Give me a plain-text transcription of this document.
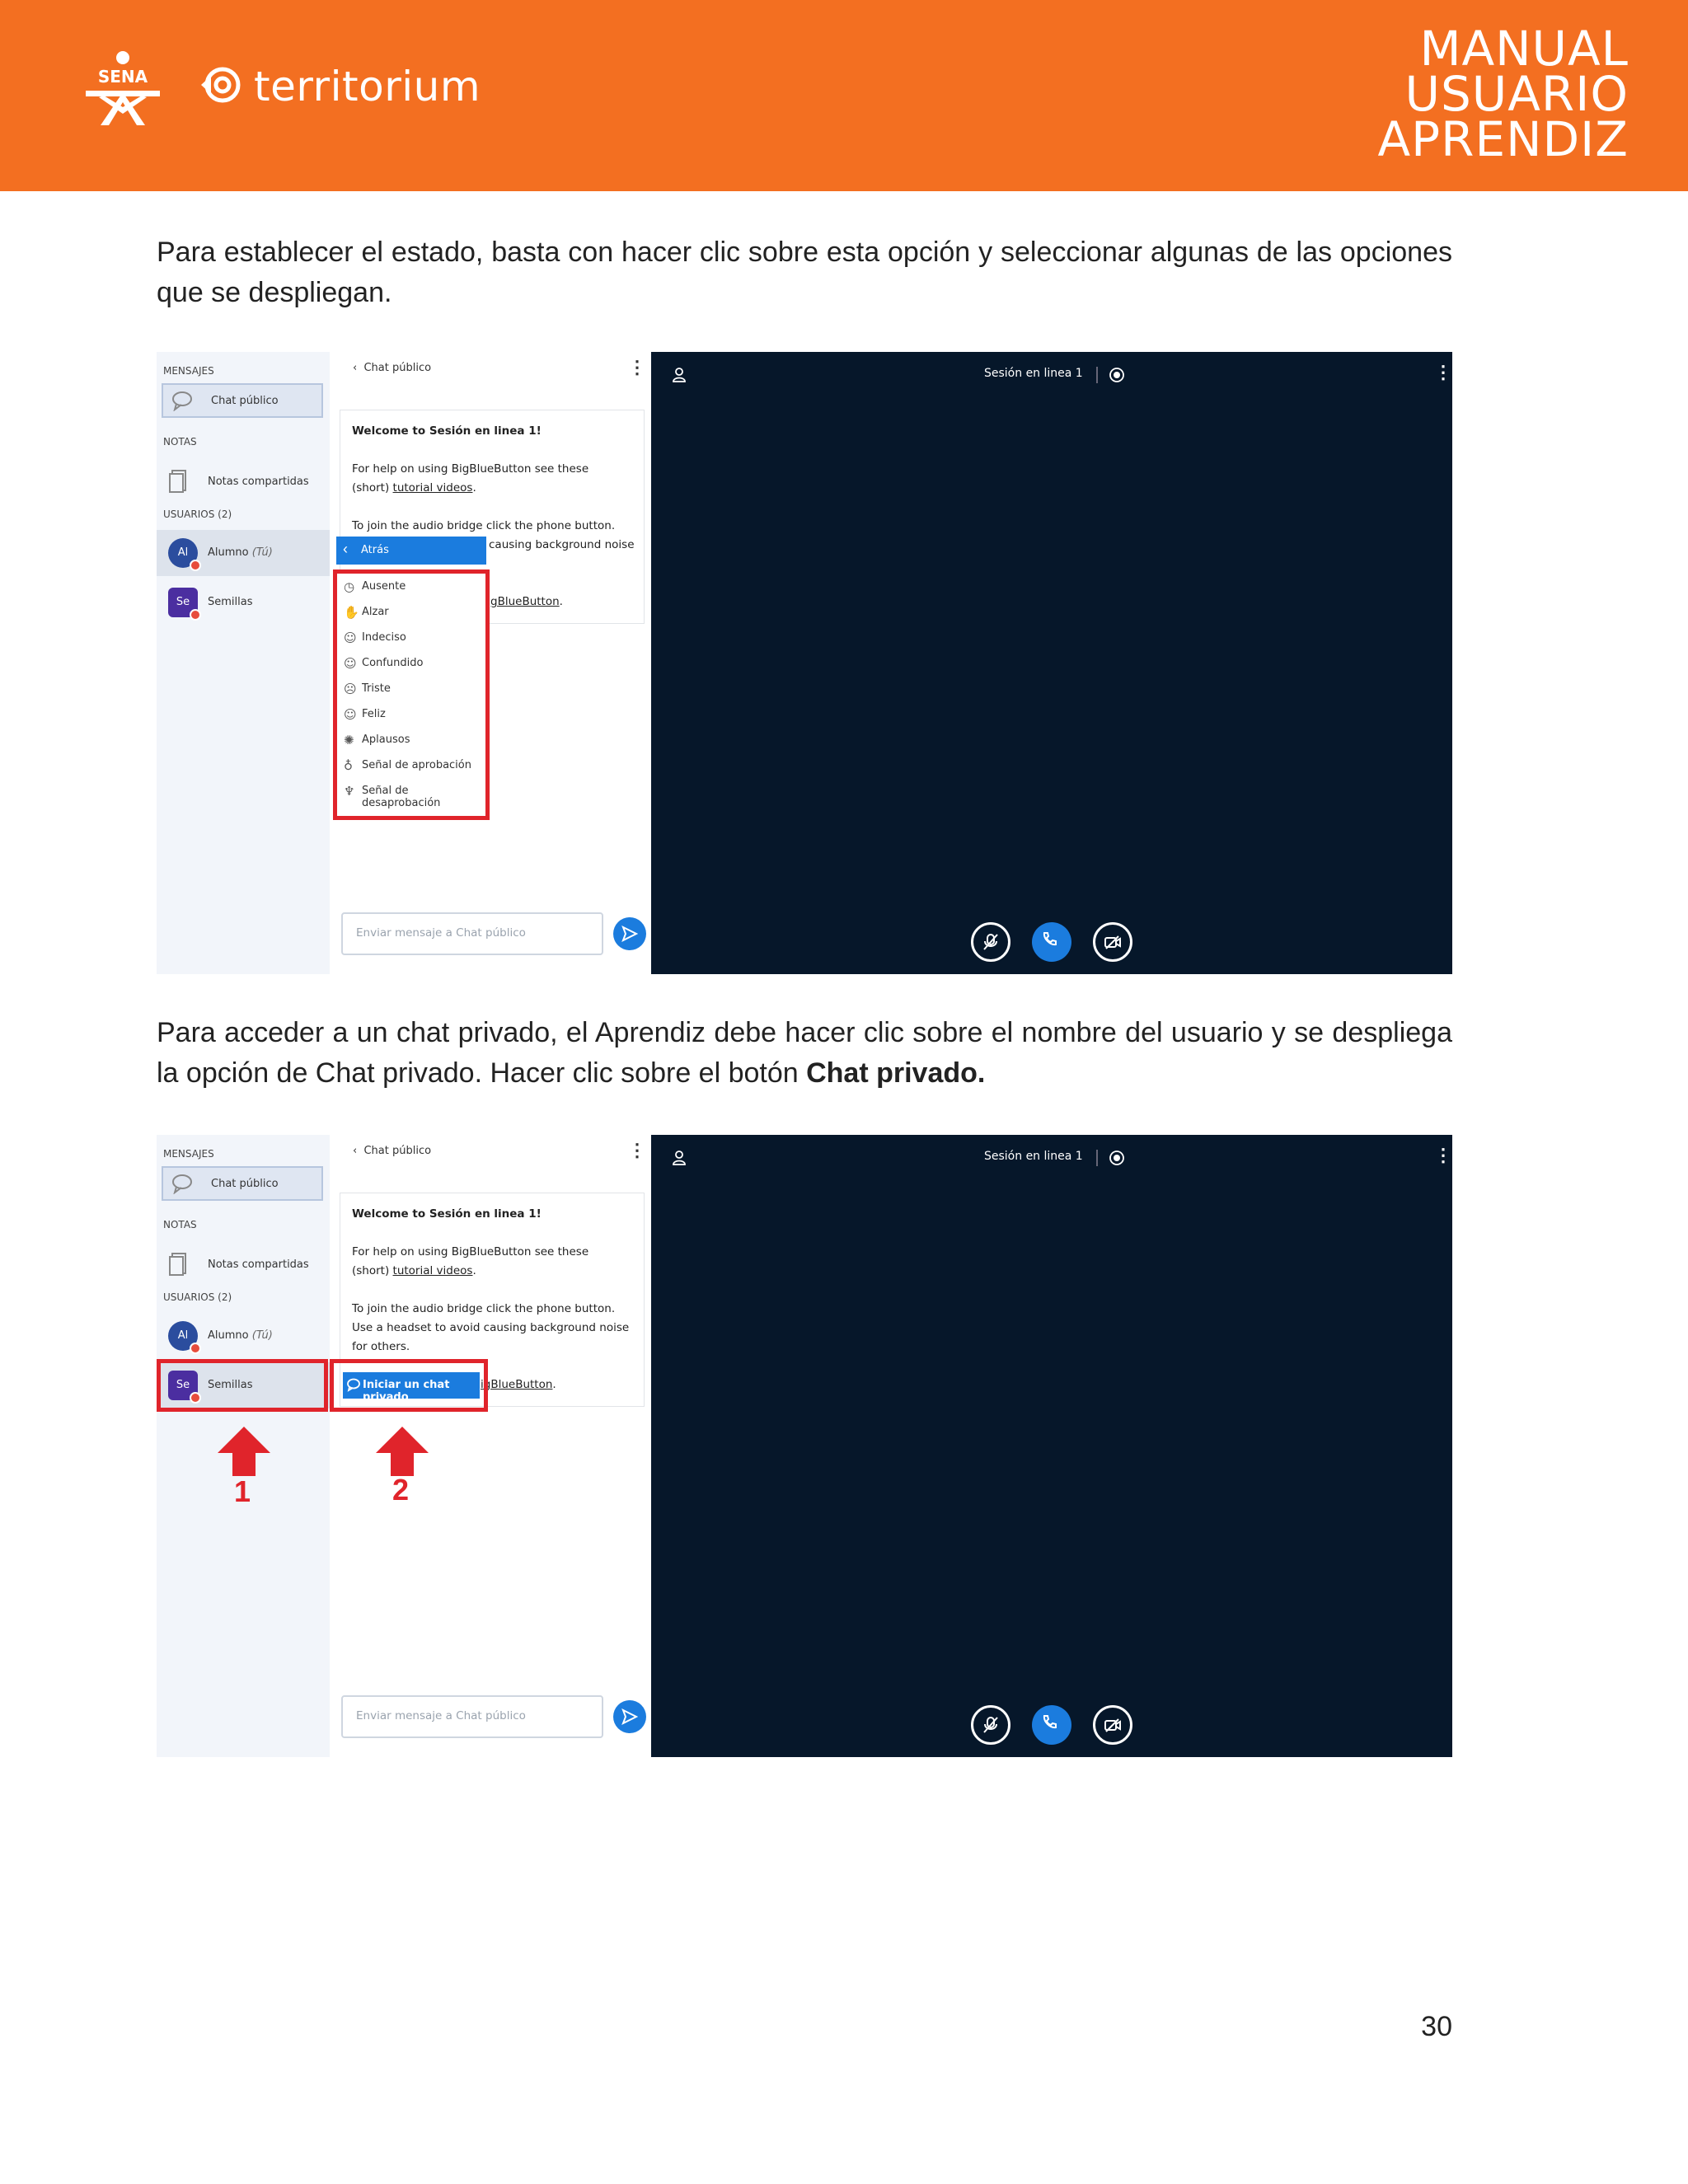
SENA	territorium
MANUAL
USUARIO
APRENDIZ
Para establecer el estado, basta con hacer clic sobre esta opción y seleccionar algunas de las opciones que se despliegan.
MENSAJES
Chat público
NOTAS
Notas compartidas
USUARIOS (2)
Al	Alumno (Tú)
Se	Semillas
‹  Chat público	⋮
Welcome to Sesión en linea 1!
For help on using BigBlueButton see these
(short) tutorial videos.
To join the audio bridge click the phone button.
causing background noise
gBlueButton.
Enviar mensaje a Chat público
‹ Atrás
◷ Ausente
✋ Alzar
☺ Indeciso
☺ Confundido
☹ Triste
☺ Feliz
✺ Aplausos
♁ Señal de aprobación
♆ Señal de desaprobación
Sesión en linea 1	⋮
Para acceder a un chat privado, el Aprendiz debe hacer clic sobre el nombre del usuario y se despliega la opción de Chat privado. Hacer clic sobre el botón Chat privado.
MENSAJES
Chat público
NOTAS
Notas compartidas
USUARIOS (2)
Al	Alumno (Tú)
Se	Semillas
‹  Chat público	⋮
Welcome to Sesión en linea 1!
For help on using BigBlueButton see these
(short) tutorial videos.
To join the audio bridge click the phone button.
Use a headset to avoid causing background noise
for others.
igBlueButton.
Enviar mensaje a Chat público
Iniciar un chat privado
1	2
Sesión en linea 1	⋮
30
